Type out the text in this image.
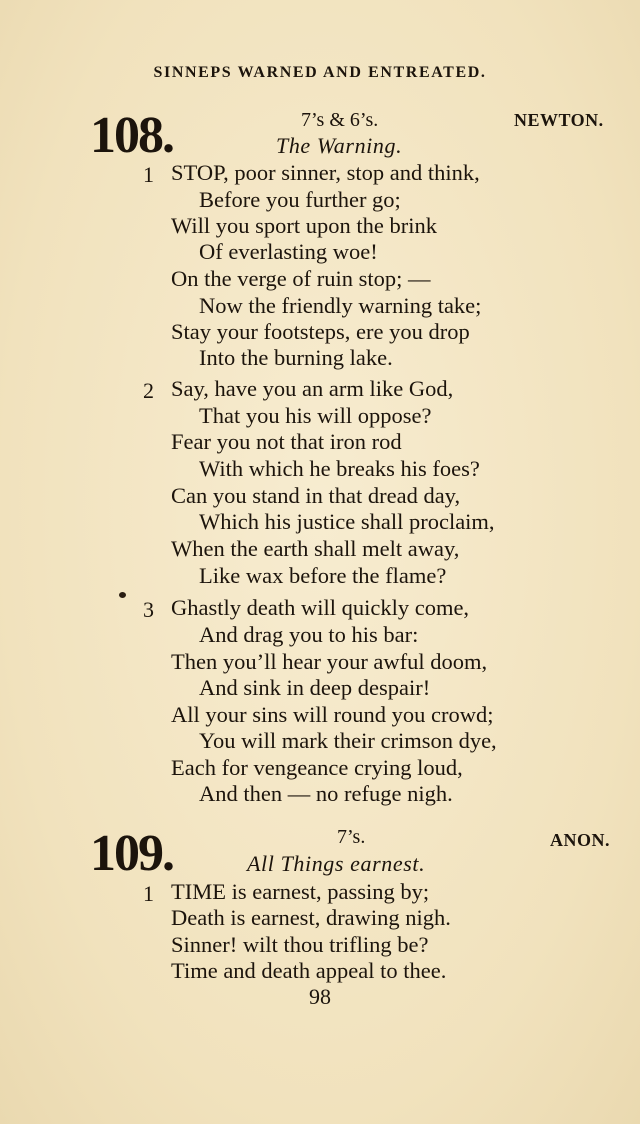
SINNEPS WARNED AND ENTREATED.
108.	7’s & 6’s.	NEWTON.
The Warning.
1 STOP, poor sinner, stop and think,
Before you further go;
Will you sport upon the brink
Of everlasting woe!
On the verge of ruin stop; —
Now the friendly warning take;
Stay your footsteps, ere you drop
Into the burning lake.
2 Say, have you an arm like God,
That you his will oppose?
Fear you not that iron rod
With which he breaks his foes?
Can you stand in that dread day,
Which his justice shall proclaim,
When the earth shall melt away,
Like wax before the flame?
3 Ghastly death will quickly come,
And drag you to his bar:
Then you’ll hear your awful doom,
And sink in deep despair!
All your sins will round you crowd;
You will mark their crimson dye,
Each for vengeance crying loud,
And then — no refuge nigh.
109.	7’s.	ANON.
All Things earnest.
1 TIME is earnest, passing by;
Death is earnest, drawing nigh.
Sinner! wilt thou trifling be?
Time and death appeal to thee.
98
